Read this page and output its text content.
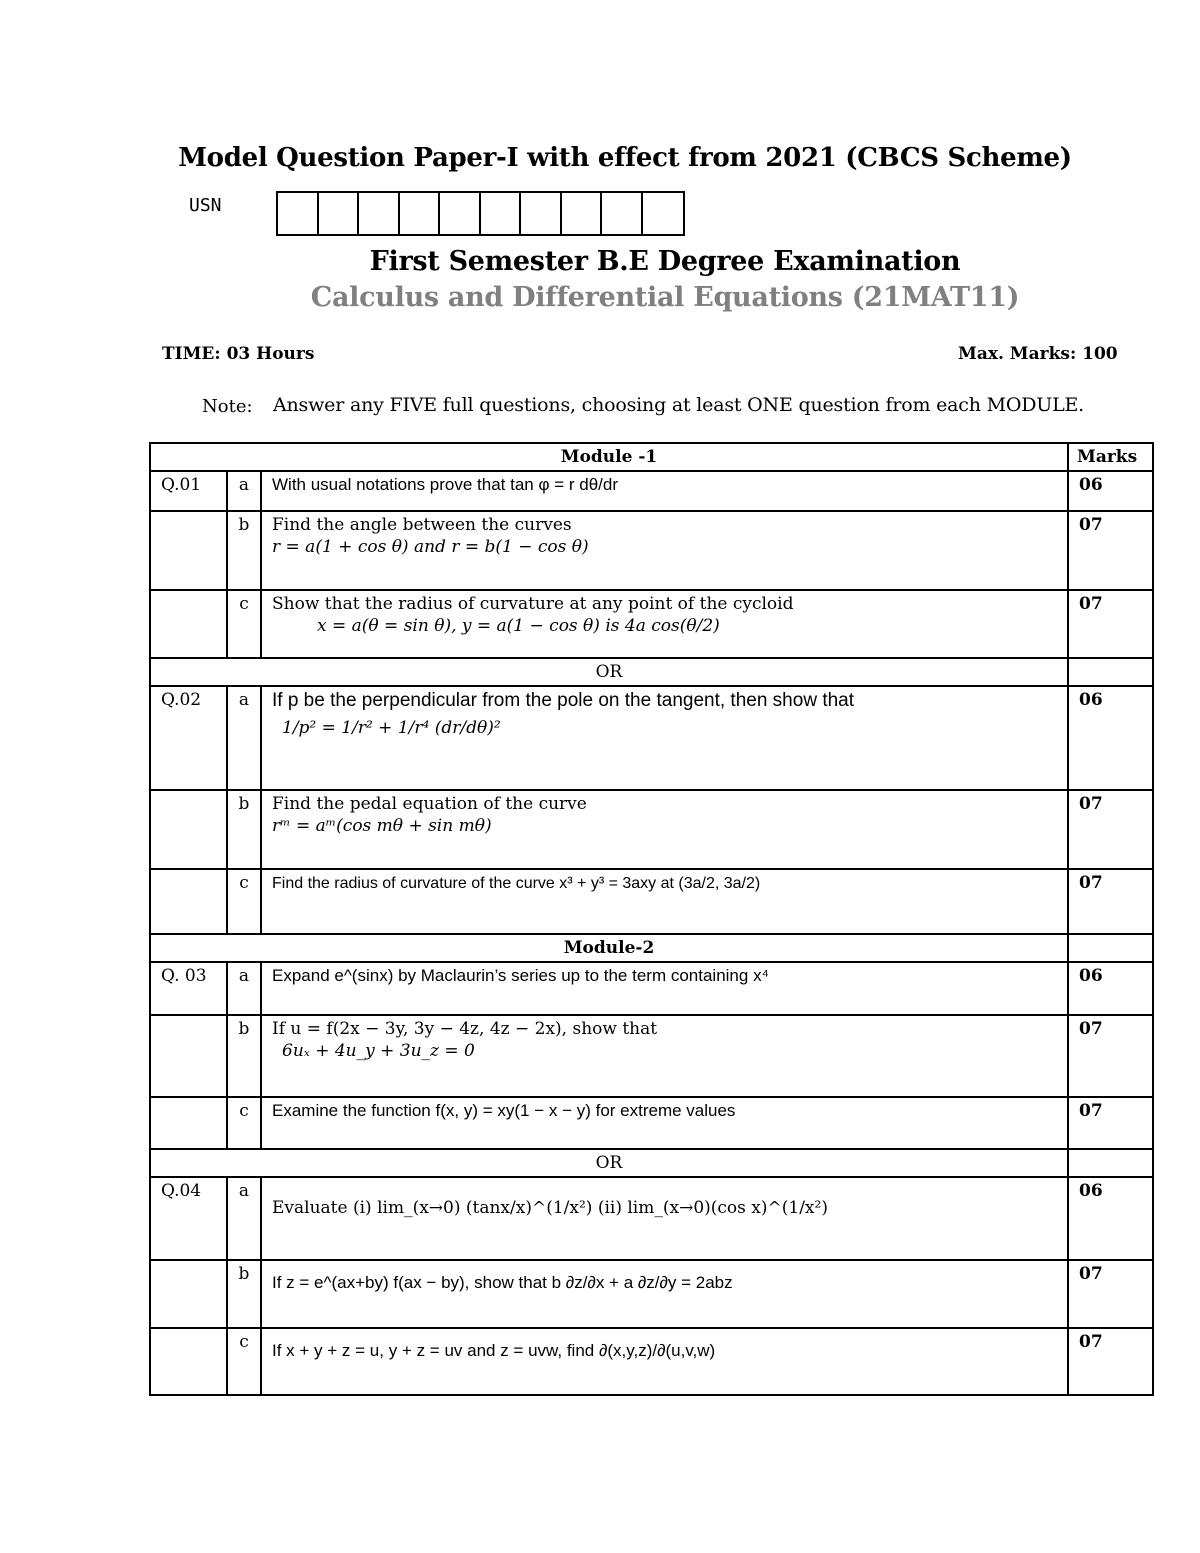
Model Question Paper-I with effect from 2021 (CBCS Scheme)
USN
First Semester B.E Degree Examination
Calculus and Differential Equations (21MAT11)
TIME: 03 Hours	Max. Marks: 100
Note: Answer any FIVE full questions, choosing at least ONE question from each MODULE.
Module -1			Marks
Q.01	a	With usual notations prove that tan φ = r dθ/dr	06
	b	Find the angle between the curves
r = a(1 + cos θ) and r = b(1 − cos θ)	07
	c	Show that the radius of curvature at any point of the cycloid
x = a(θ = sin θ), y = a(1 − cos θ) is 4a cos(θ/2)	07
OR			
Q.02	a	If p be the perpendicular from the pole on the tangent, then show that
1/p² = 1/r² + 1/r⁴ (dr/dθ)²	06
	b	Find the pedal equation of the curve
rᵐ = aᵐ(cos mθ + sin mθ)	07
	c	Find the radius of curvature of the curve x³ + y³ = 3axy at (3a/2, 3a/2)	07
Module-2			
Q. 03	a	Expand e^(sinx) by Maclaurin’s series up to the term containing x⁴	06
	b	If u = f(2x − 3y, 3y − 4z, 4z − 2x), show that
6uₓ + 4u_y + 3u_z = 0	07
	c	Examine the function f(x, y) = xy(1 − x − y) for extreme values	07
OR			
Q.04	a	Evaluate (i) lim_(x→0) (tanx/x)^(1/x²) (ii) lim_(x→0)(cos x)^(1/x²)	06
	b	If z = e^(ax+by) f(ax − by), show that b ∂z/∂x + a ∂z/∂y = 2abz	07
	c	If x + y + z = u, y + z = uv and z = uvw, find ∂(x,y,z)/∂(u,v,w)	07
